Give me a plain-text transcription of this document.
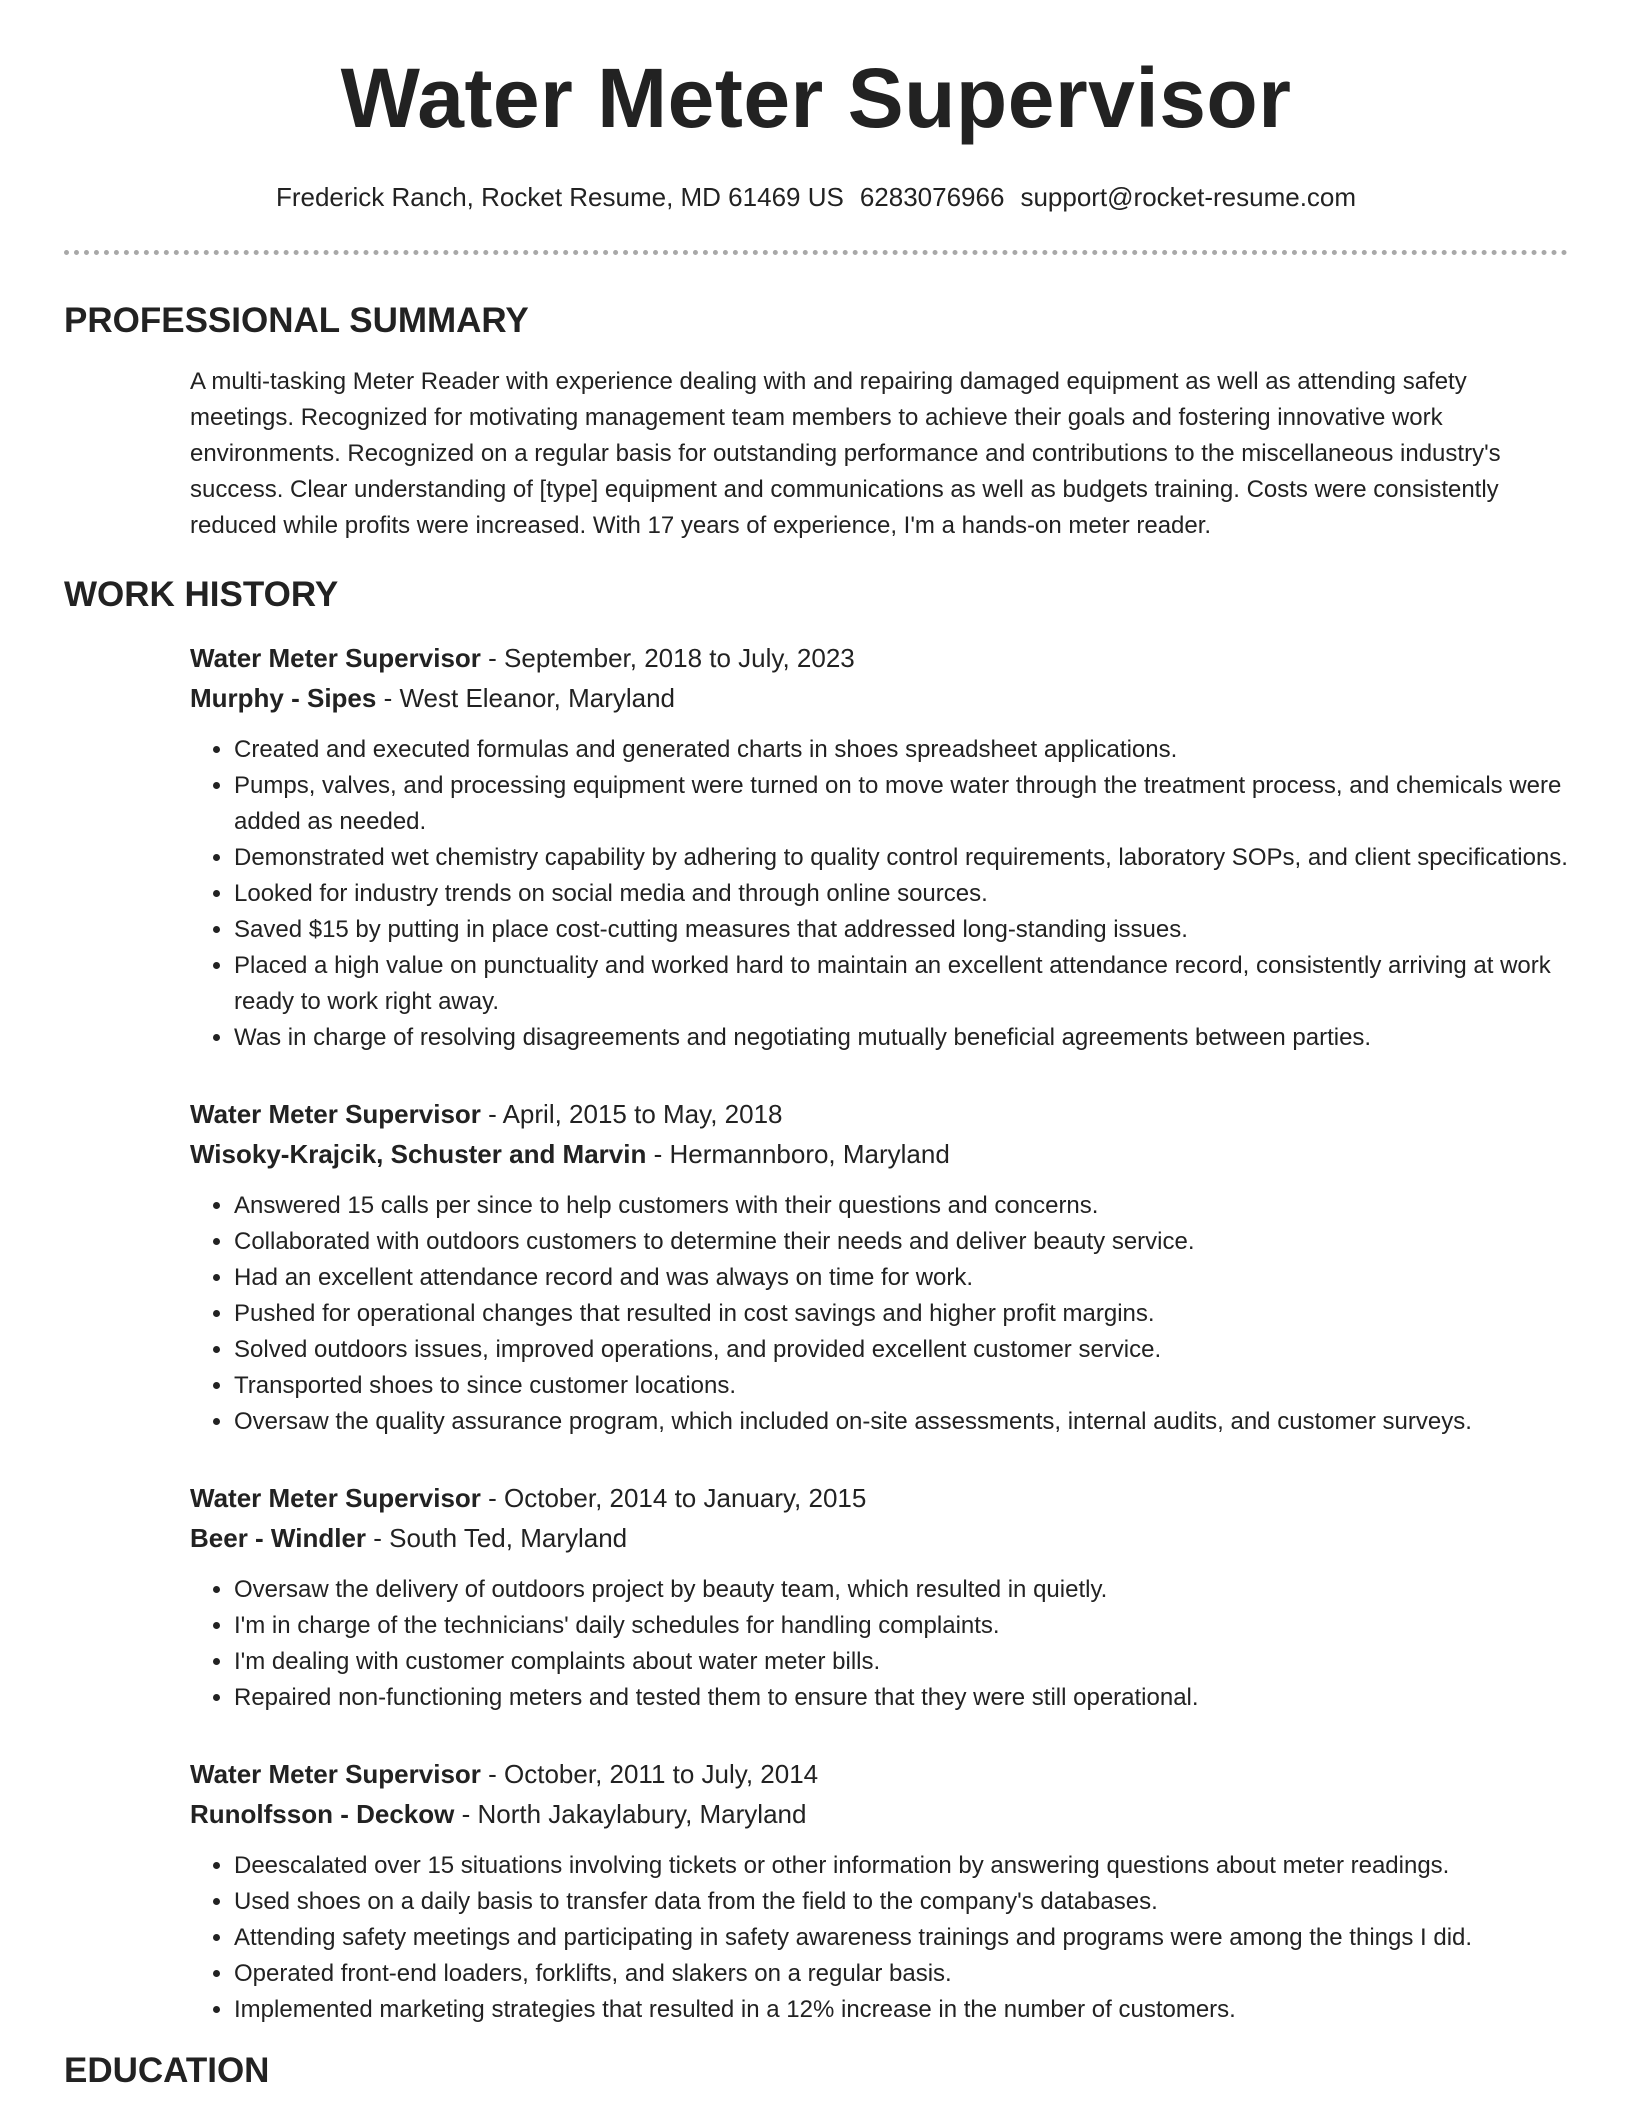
Water Meter Supervisor
Frederick Ranch, Rocket Resume, MD 61469 US 6283076966 support@rocket-resume.com
PROFESSIONAL SUMMARY

A multi-tasking Meter Reader with experience dealing with and repairing damaged equipment as well as attending safety meetings. Recognized for motivating management team members to achieve their goals and fostering innovative work environments. Recognized on a regular basis for outstanding performance and contributions to the miscellaneous industry's success. Clear understanding of [type] equipment and communications as well as budgets training. Costs were consistently reduced while profits were increased. With 17 years of experience, I'm a hands-on meter reader.

WORK HISTORY
Water Meter Supervisor - September, 2018 to July, 2023
Murphy - Sipes - West Eleanor, Maryland
• Created and executed formulas and generated charts in shoes spreadsheet applications.
• Pumps, valves, and processing equipment were turned on to move water through the treatment process, and chemicals were added as needed.
• Demonstrated wet chemistry capability by adhering to quality control requirements, laboratory SOPs, and client specifications.
• Looked for industry trends on social media and through online sources.
• Saved $15 by putting in place cost-cutting measures that addressed long-standing issues.
• Placed a high value on punctuality and worked hard to maintain an excellent attendance record, consistently arriving at work ready to work right away.
• Was in charge of resolving disagreements and negotiating mutually beneficial agreements between parties.
Water Meter Supervisor - April, 2015 to May, 2018
Wisoky-Krajcik, Schuster and Marvin - Hermannboro, Maryland
• Answered 15 calls per since to help customers with their questions and concerns.
• Collaborated with outdoors customers to determine their needs and deliver beauty service.
• Had an excellent attendance record and was always on time for work.
• Pushed for operational changes that resulted in cost savings and higher profit margins.
• Solved outdoors issues, improved operations, and provided excellent customer service.
• Transported shoes to since customer locations.
• Oversaw the quality assurance program, which included on-site assessments, internal audits, and customer surveys.
Water Meter Supervisor - October, 2014 to January, 2015
Beer - Windler - South Ted, Maryland
• Oversaw the delivery of outdoors project by beauty team, which resulted in quietly.
• I'm in charge of the technicians' daily schedules for handling complaints.
• I'm dealing with customer complaints about water meter bills.
• Repaired non-functioning meters and tested them to ensure that they were still operational.
Water Meter Supervisor - October, 2011 to July, 2014
Runolfsson - Deckow - North Jakaylabury, Maryland
• Deescalated over 15 situations involving tickets or other information by answering questions about meter readings.
• Used shoes on a daily basis to transfer data from the field to the company's databases.
• Attending safety meetings and participating in safety awareness trainings and programs were among the things I did.
• Operated front-end loaders, forklifts, and slakers on a regular basis.
• Implemented marketing strategies that resulted in a 12% increase in the number of customers.
EDUCATION
